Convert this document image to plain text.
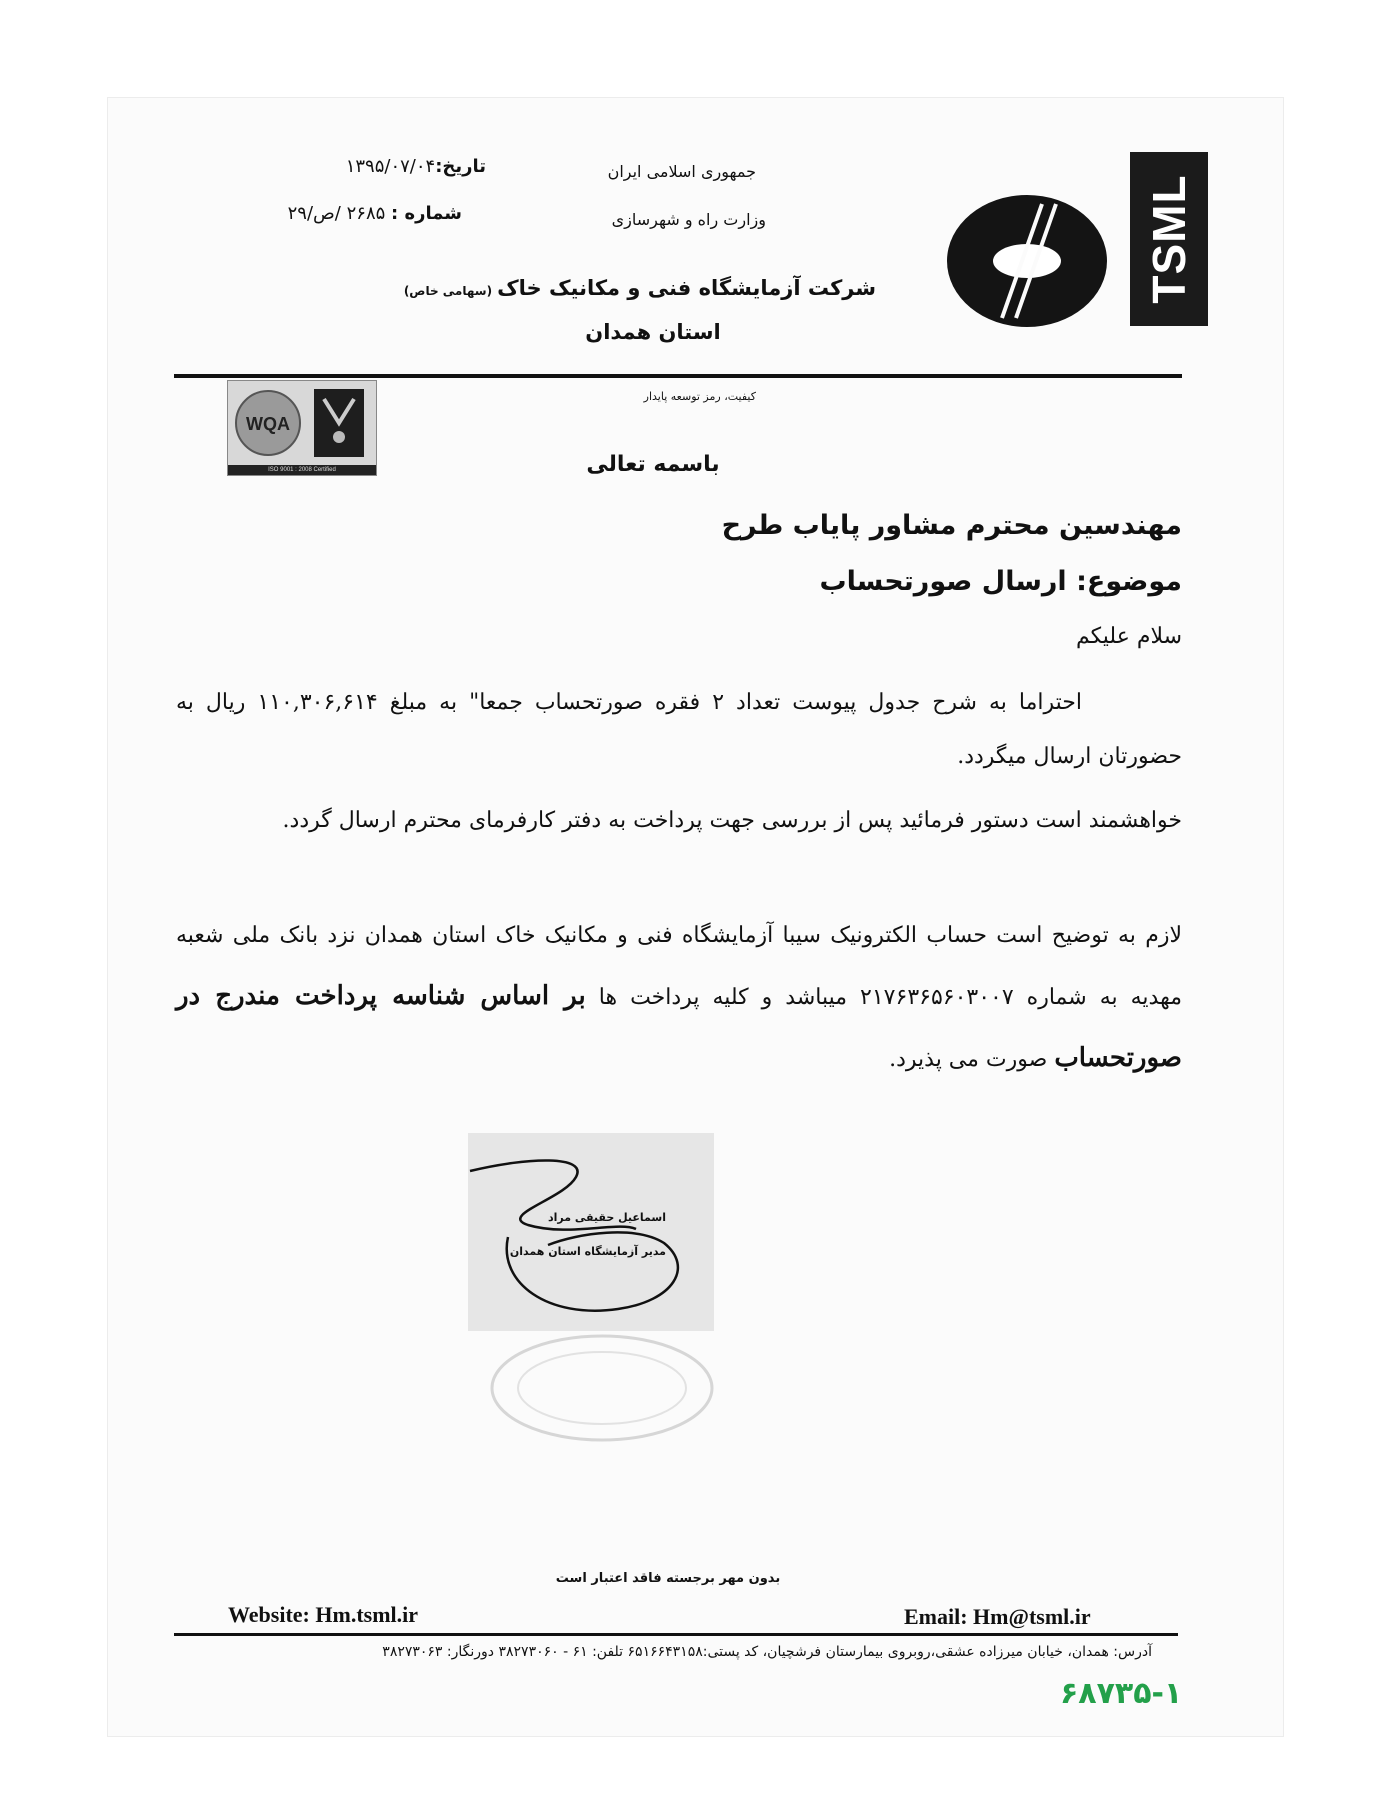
TSML
جمهوری اسلامی ایران
وزارت راه و شهرسازی
شرکت آزمایشگاه فنی و مکانیک خاک (سهامی خاص)
استان همدان
تاریخ:۱۳۹۵/۰۷/۰۴
شماره : ۲۶۸۵ /ص/۲۹
کیفیت، رمز توسعه پایدار
WQA
ISO 9001 : 2008 Certified	باسمه تعالی
مهندسین محترم مشاور پایاب طرح
موضوع: ارسال صورتحساب
سلام علیکم
احتراما به شرح جدول پیوست تعداد ۲ فقره صورتحساب جمعا" به مبلغ ۱۱۰,۳۰۶,۶۱۴ ریال به حضورتان ارسال میگردد.
خواهشمند است دستور فرمائید پس از بررسی جهت پرداخت به دفتر کارفرمای محترم ارسال گردد.
لازم به توضیح است حساب الکترونیک سیبا آزمایشگاه فنی و مکانیک خاک استان همدان نزد بانک ملی شعبه مهدیه به شماره ۲۱۷۶۳۶۵۶۰۳۰۰۷ میباشد و کلیه پرداخت ها بر اساس شناسه پرداخت مندرج در صورتحساب صورت می پذیرد.
اسماعیل حقیقی مراد
مدیر آزمایشگاه استان همدان
بدون مهر برجسته فاقد اعتبار است
Website: Hm.tsml.ir	Email: Hm@tsml.ir
آدرس: همدان، خیابان میرزاده عشقی،روبروی بیمارستان فرشچیان، کد پستی:۶۵۱۶۶۴۳۱۵۸ تلفن: ۶۱ - ۳۸۲۷۳۰۶۰ دورنگار: ۳۸۲۷۳۰۶۳
۶۸۷۳۵-۱
